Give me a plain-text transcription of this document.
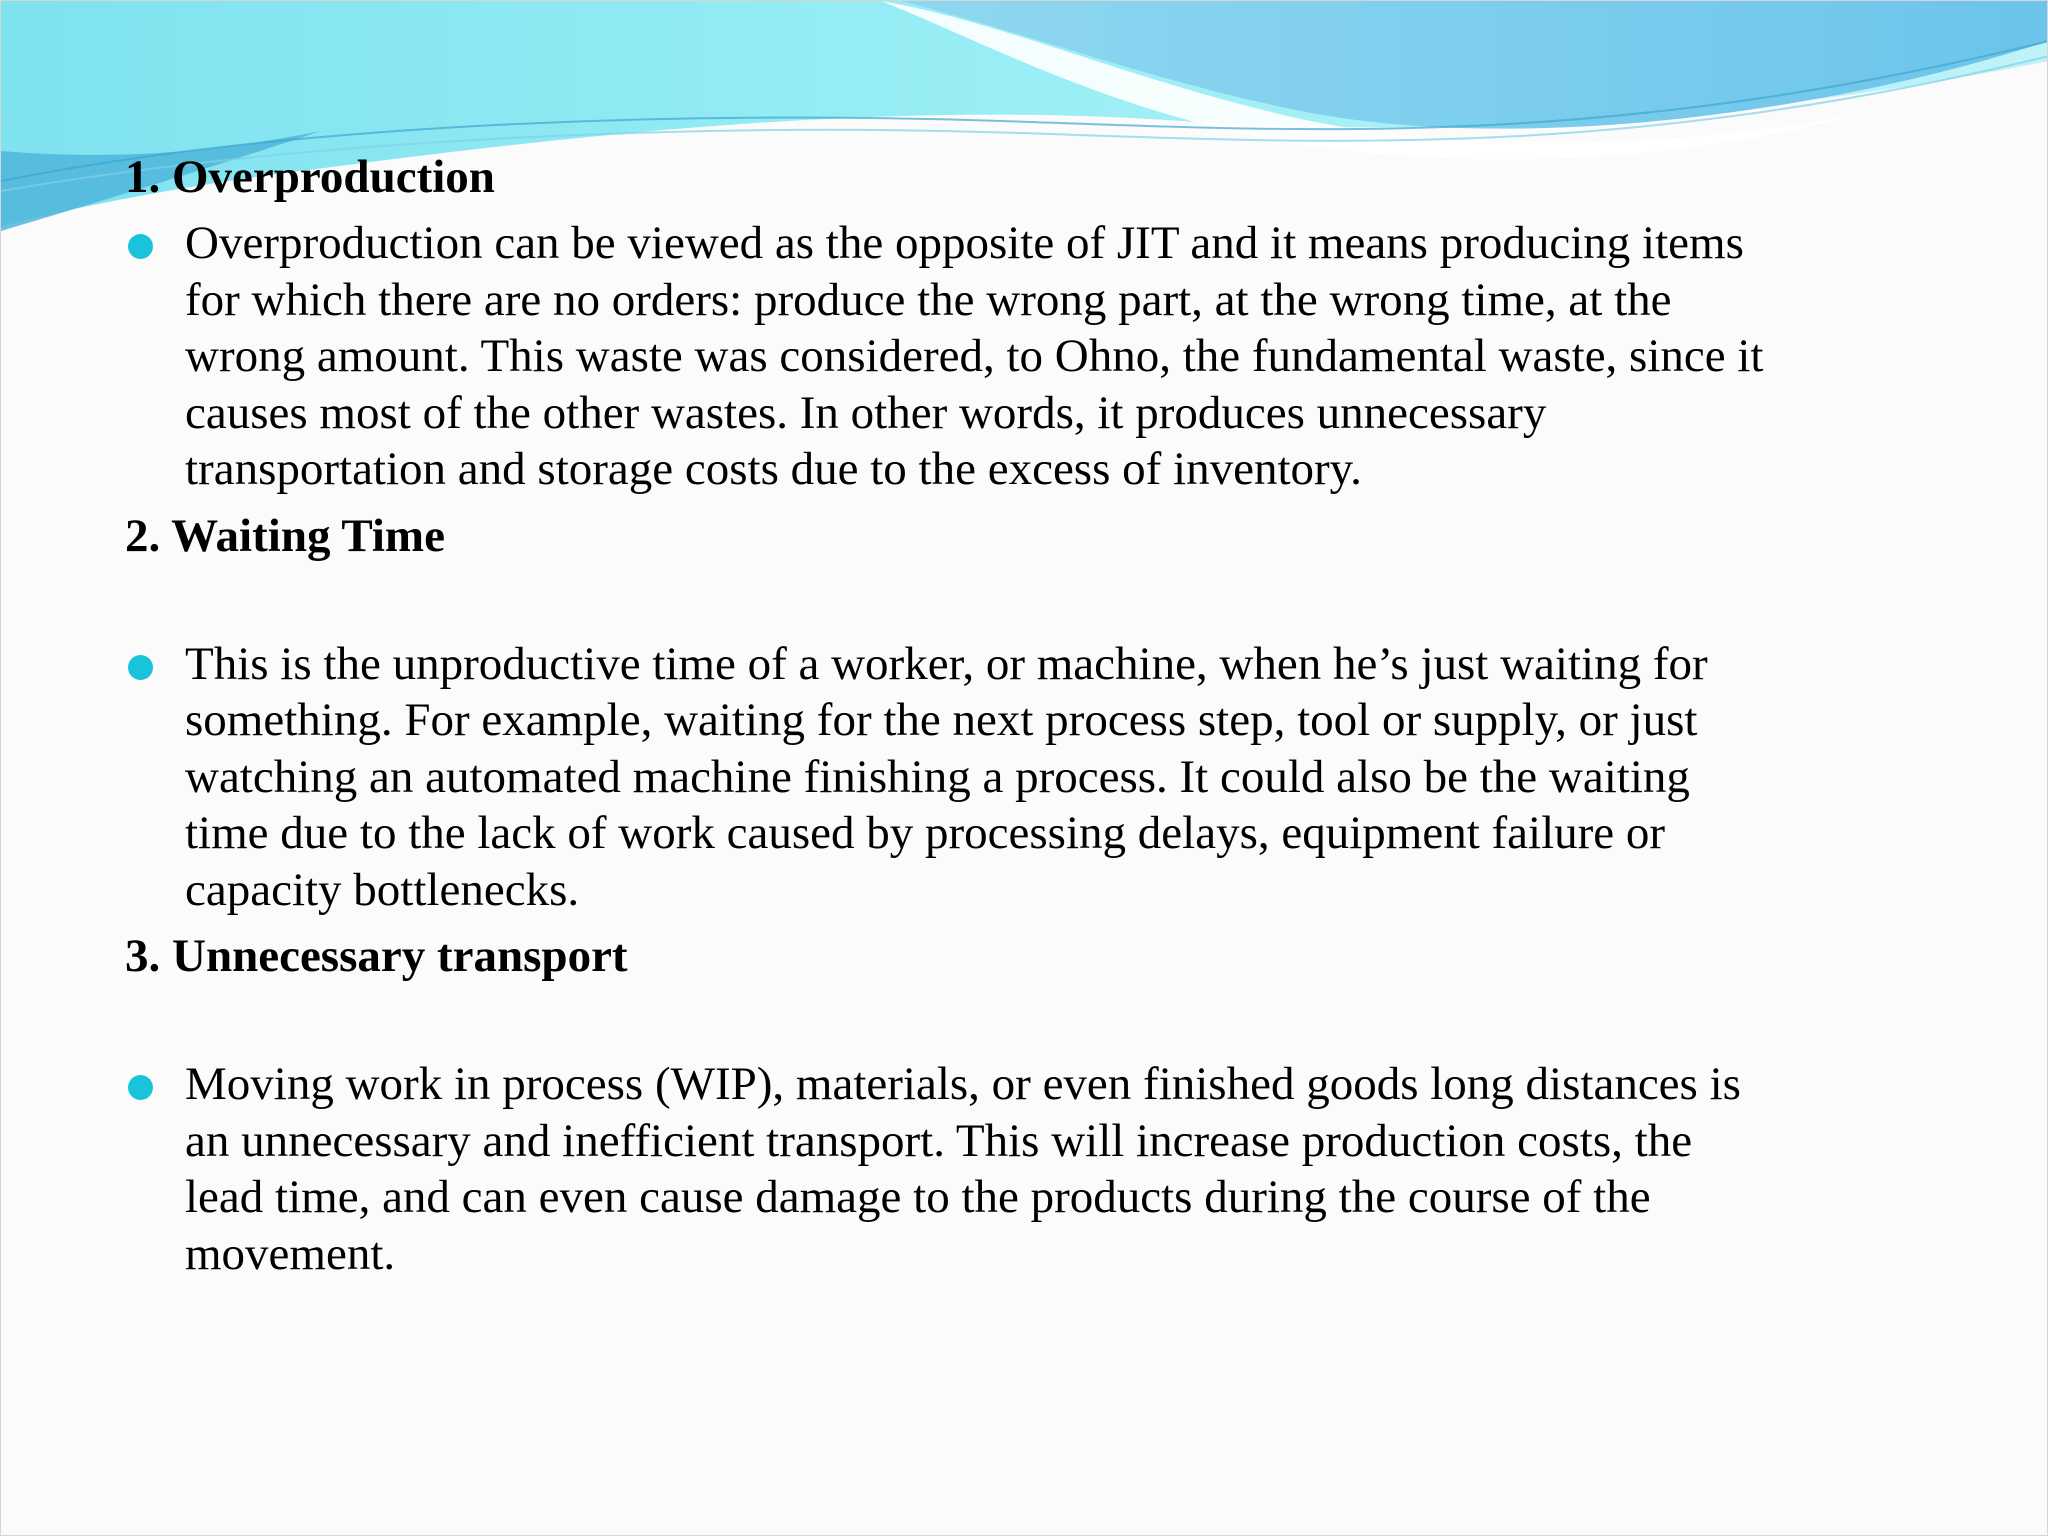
1. Overproduction

Overproduction can be viewed as the opposite of JIT and it means producing items
for which there are no orders: produce the wrong part, at the wrong time, at the
wrong amount. This waste was considered, to Ohno, the fundamental waste, since it
causes most of the other wastes. In other words, it produces unnecessary
transportation and storage costs due to the excess of inventory.

2. Waiting Time

This is the unproductive time of a worker, or machine, when he’s just waiting for
something. For example, waiting for the next process step, tool or supply, or just
watching an automated machine finishing a process. It could also be the waiting
time due to the lack of work caused by processing delays, equipment failure or
capacity bottlenecks.

3. Unnecessary transport

Moving work in process (WIP), materials, or even finished goods long distances is
an unnecessary and inefficient transport. This will increase production costs, the
lead time, and can even cause damage to the products during the course of the
movement.
